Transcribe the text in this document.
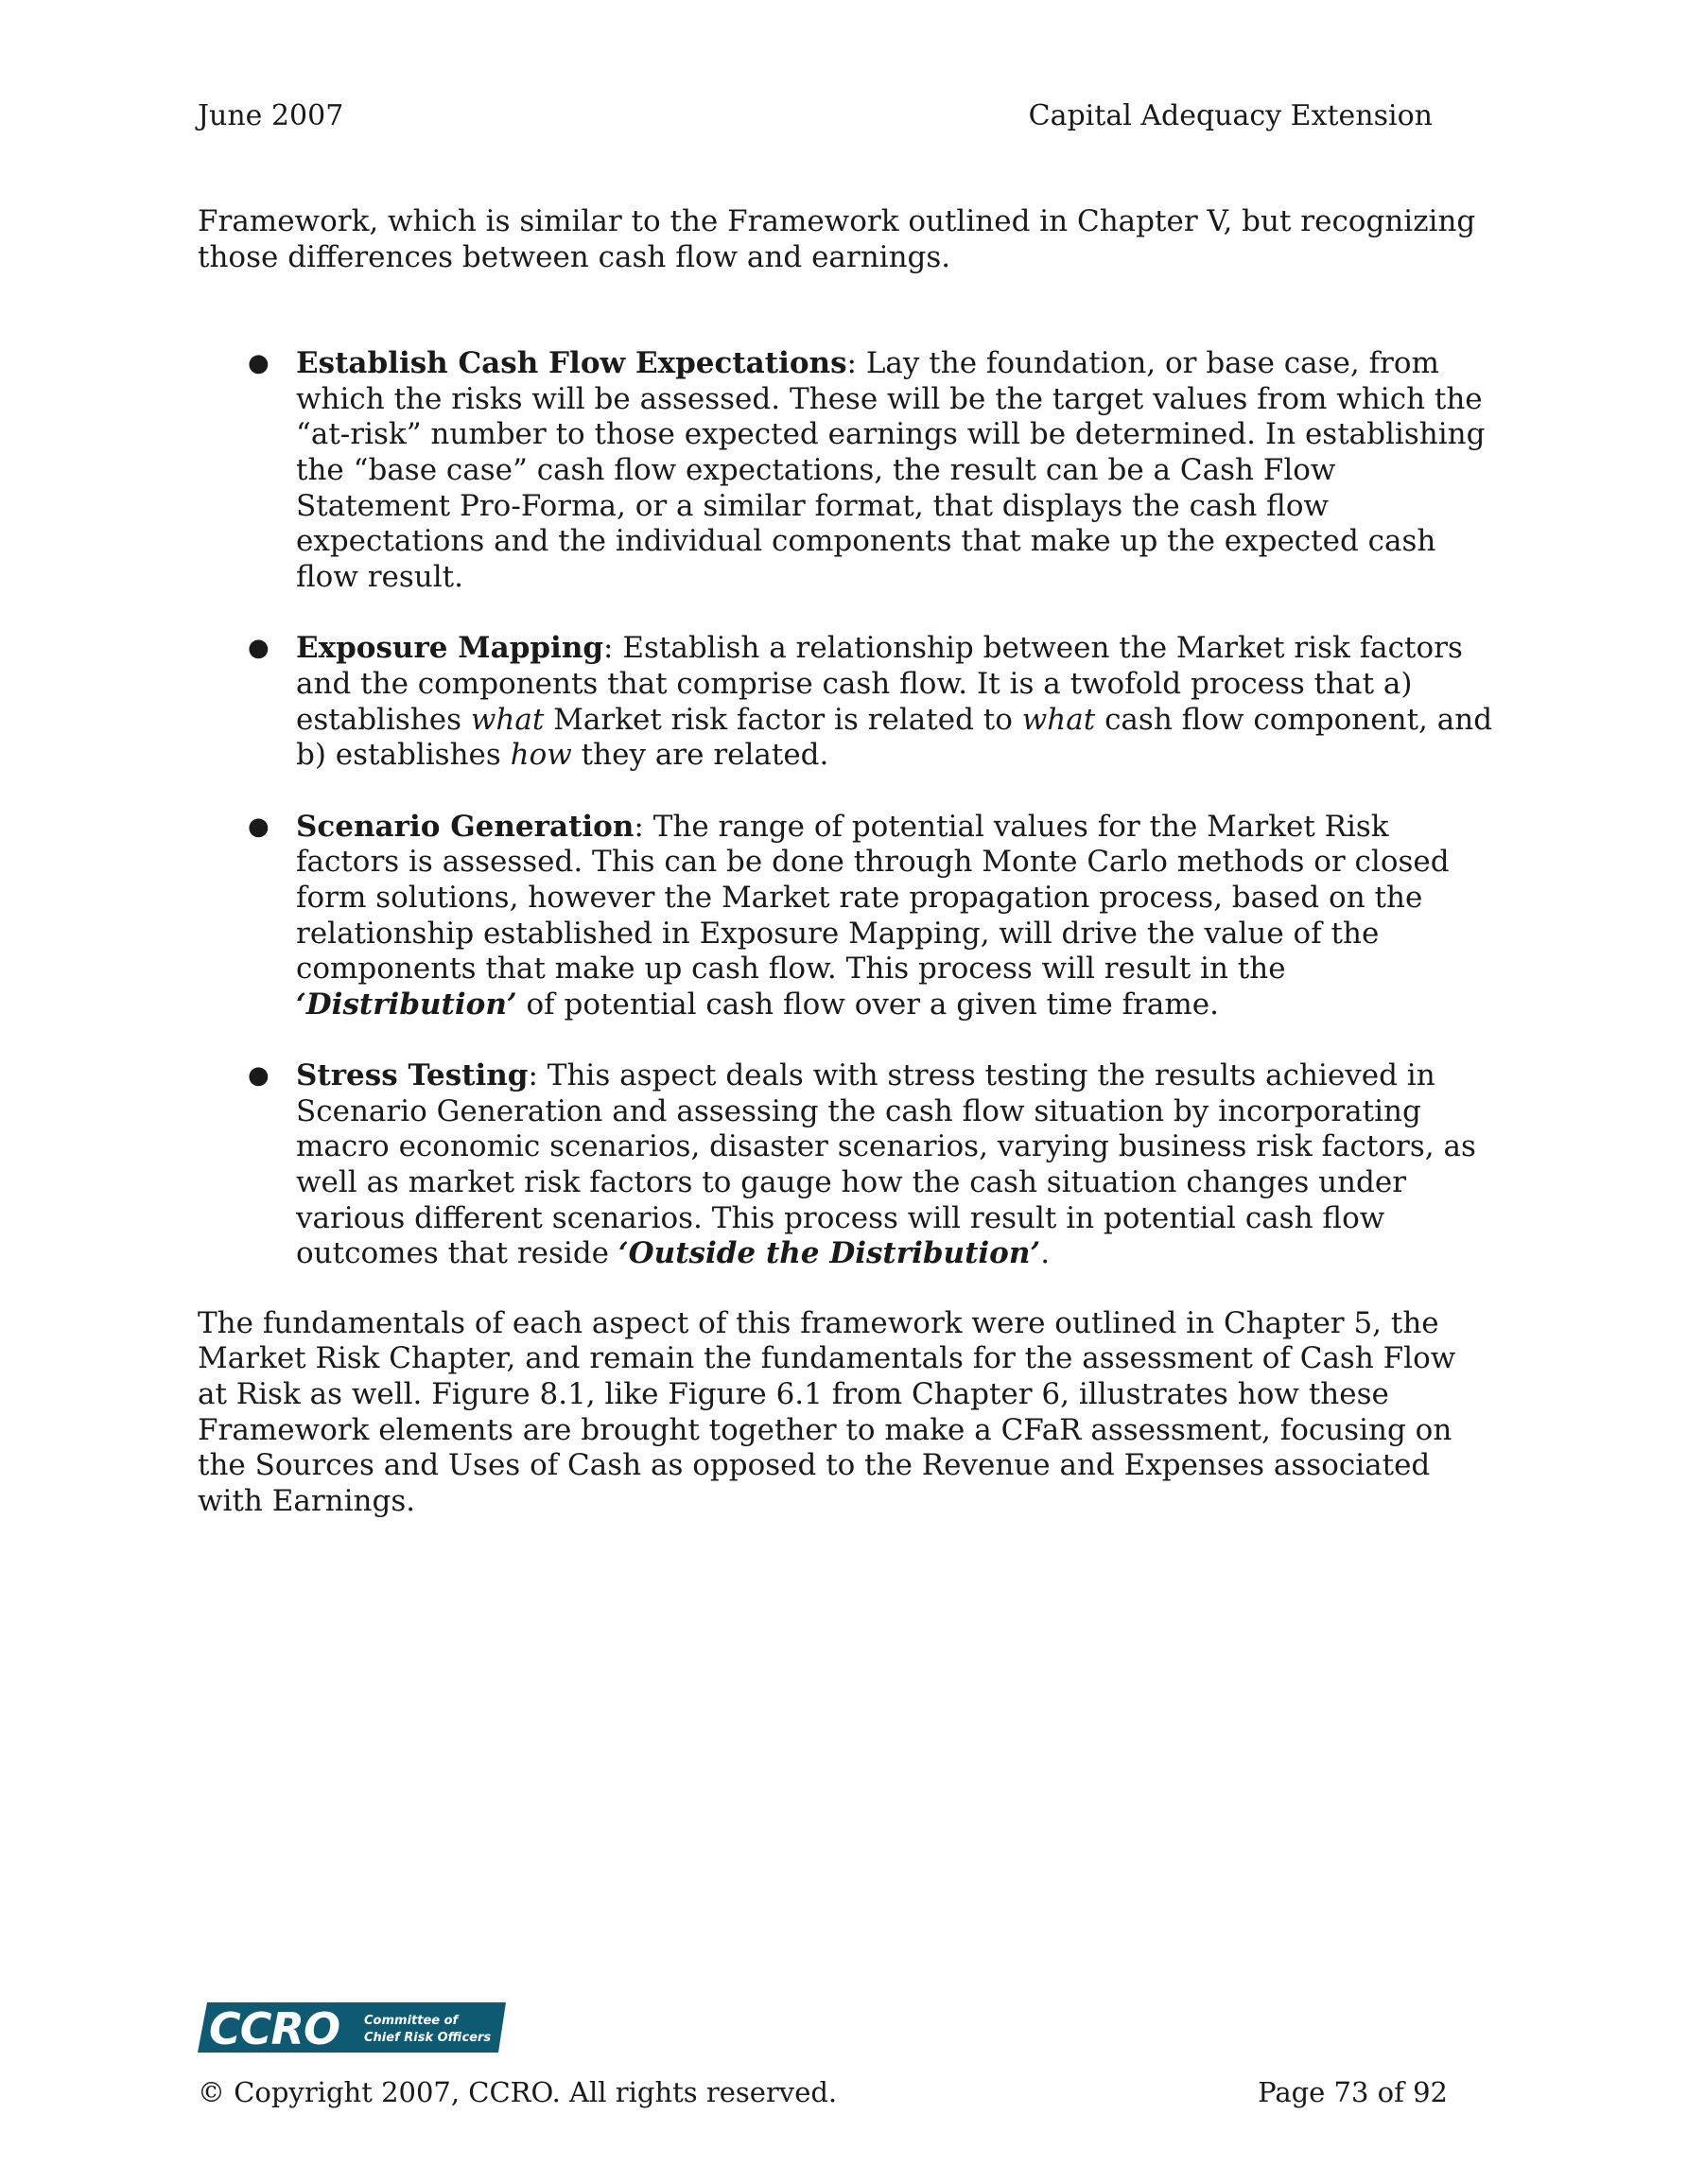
June 2007	Capital Adequacy Extension

Framework, which is similar to the Framework outlined in Chapter V, but recognizing those differences between cash flow and earnings.

● Establish Cash Flow Expectations: Lay the foundation, or base case, from which the risks will be assessed. These will be the target values from which the “at-risk” number to those expected earnings will be determined. In establishing the “base case” cash flow expectations, the result can be a Cash Flow Statement Pro-Forma, or a similar format, that displays the cash flow expectations and the individual components that make up the expected cash flow result.
● Exposure Mapping: Establish a relationship between the Market risk factors and the components that comprise cash flow. It is a twofold process that a) establishes what Market risk factor is related to what cash flow component, and b) establishes how they are related.
● Scenario Generation: The range of potential values for the Market Risk factors is assessed. This can be done through Monte Carlo methods or closed form solutions, however the Market rate propagation process, based on the relationship established in Exposure Mapping, will drive the value of the components that make up cash flow. This process will result in the ‘Distribution’ of potential cash flow over a given time frame.
● Stress Testing: This aspect deals with stress testing the results achieved in Scenario Generation and assessing the cash flow situation by incorporating macro economic scenarios, disaster scenarios, varying business risk factors, as well as market risk factors to gauge how the cash situation changes under various different scenarios. This process will result in potential cash flow outcomes that reside ‘Outside the Distribution’.

The fundamentals of each aspect of this framework were outlined in Chapter 5, the Market Risk Chapter, and remain the fundamentals for the assessment of Cash Flow at Risk as well. Figure 8.1, like Figure 6.1 from Chapter 6, illustrates how these Framework elements are brought together to make a CFaR assessment, focusing on the Sources and Uses of Cash as opposed to the Revenue and Expenses associated with Earnings.

CCRO Committee of
Chief Risk Officers
© Copyright 2007, CCRO. All rights reserved.	Page 73 of 92
